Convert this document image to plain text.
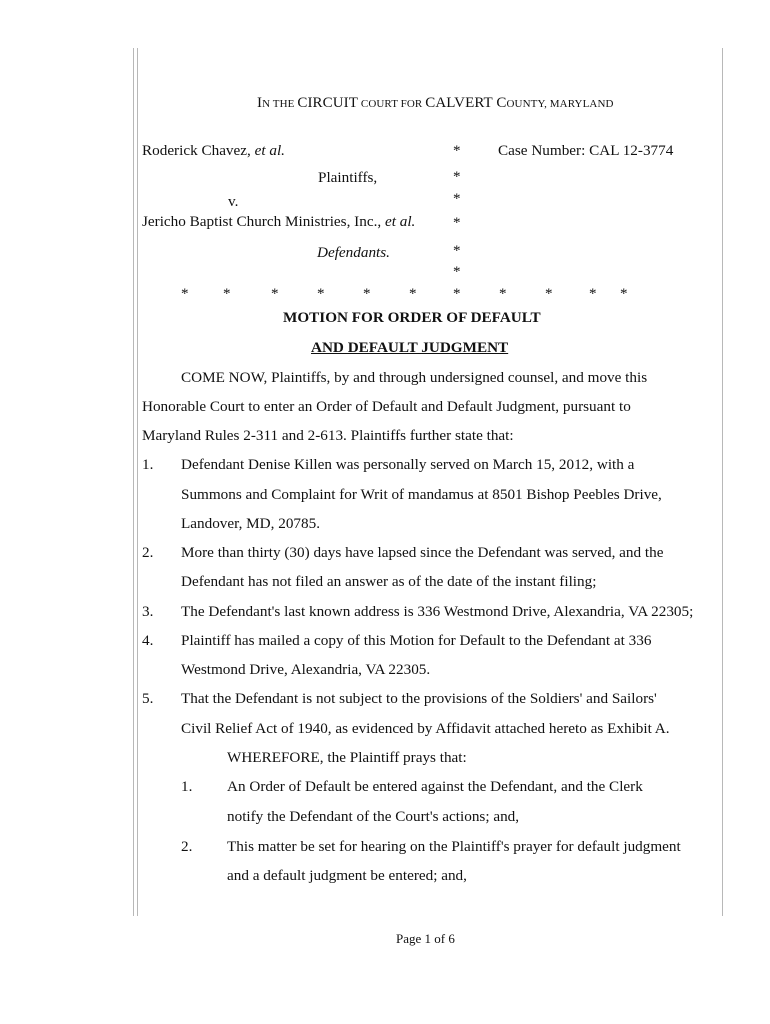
IN THE CIRCUIT COURT FOR CALVERT COUNTY, MARYLAND
Roderick Chavez, et al.
Plaintiffs,
v.
Jericho Baptist Church Ministries, Inc., et al.
Defendants.
Case Number: CAL 12-3774
*
*
*
*
*
*
* *	*	*	*	* *	*	* * *
MOTION FOR ORDER OF DEFAULT
AND DEFAULT JUDGMENT
COME NOW, Plaintiffs, by and through undersigned counsel, and move this
Honorable Court to enter an Order of Default and Default Judgment, pursuant to
Maryland Rules 2-311 and 2-613. Plaintiffs further state that:
1. Defendant Denise Killen was personally served on March 15, 2012, with a
Summons and Complaint for Writ of mandamus at 8501 Bishop Peebles Drive,
Landover, MD, 20785.
2. More than thirty (30) days have lapsed since the Defendant was served, and the
Defendant has not filed an answer as of the date of the instant filing;
3. The Defendant's last known address is 336 Westmond Drive, Alexandria, VA 22305;
4. Plaintiff has mailed a copy of this Motion for Default to the Defendant at 336
Westmond Drive, Alexandria, VA 22305.
5. That the Defendant is not subject to the provisions of the Soldiers' and Sailors'
Civil Relief Act of 1940, as evidenced by Affidavit attached hereto as Exhibit A.
WHEREFORE, the Plaintiff prays that:
1. An Order of Default be entered against the Defendant, and the Clerk
notify the Defendant of the Court's actions; and,
2. This matter be set for hearing on the Plaintiff's prayer for default judgment
and a default judgment be entered; and,
Page 1 of 6
